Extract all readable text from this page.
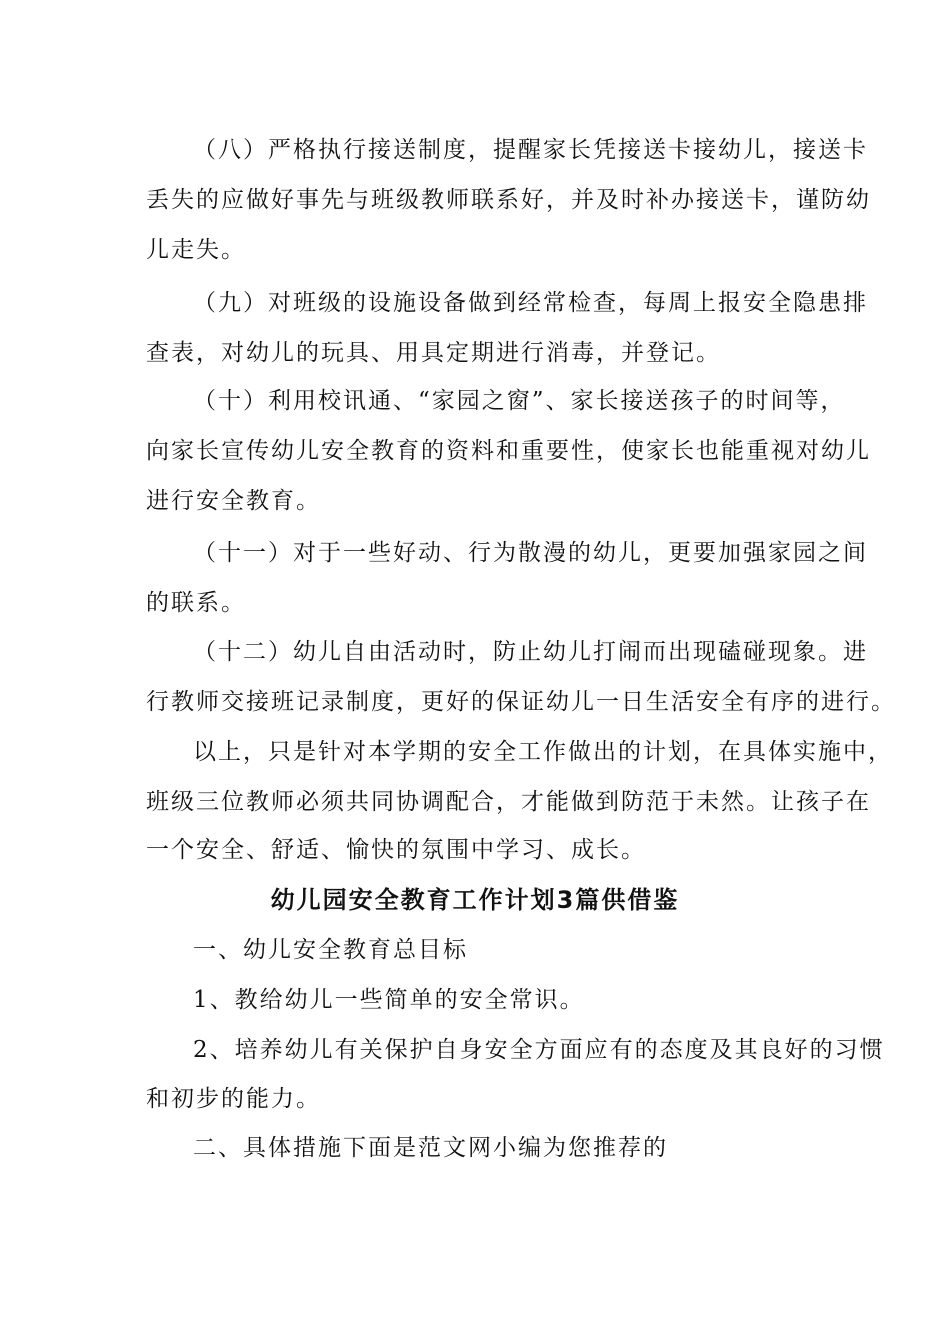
（八）严格执行接送制度，提醒家长凭接送卡接幼儿，接送卡
丢失的应做好事先与班级教师联系好，并及时补办接送卡，谨防幼
儿走失。
（九）对班级的设施设备做到经常检查，每周上报安全隐患排
查表，对幼儿的玩具、用具定期进行消毒，并登记。
（十）利用校讯通、“家园之窗”、家长接送孩子的时间等，
向家长宣传幼儿安全教育的资料和重要性，使家长也能重视对幼儿
进行安全教育。
（十一）对于一些好动、行为散漫的幼儿，更要加强家园之间
的联系。
（十二）幼儿自由活动时，防止幼儿打闹而出现磕碰现象。进
行教师交接班记录制度，更好的保证幼儿一日生活安全有序的进行。
以上，只是针对本学期的安全工作做出的计划，在具体实施中，
班级三位教师必须共同协调配合，才能做到防范于未然。让孩子在
一个安全、舒适、愉快的氛围中学习、成长。
幼儿园安全教育工作计划3篇供借鉴
一、幼儿安全教育总目标
1、教给幼儿一些简单的安全常识。
2、培养幼儿有关保护自身安全方面应有的态度及其良好的习惯
和初步的能力。
二、具体措施下面是范文网小编为您推荐的
